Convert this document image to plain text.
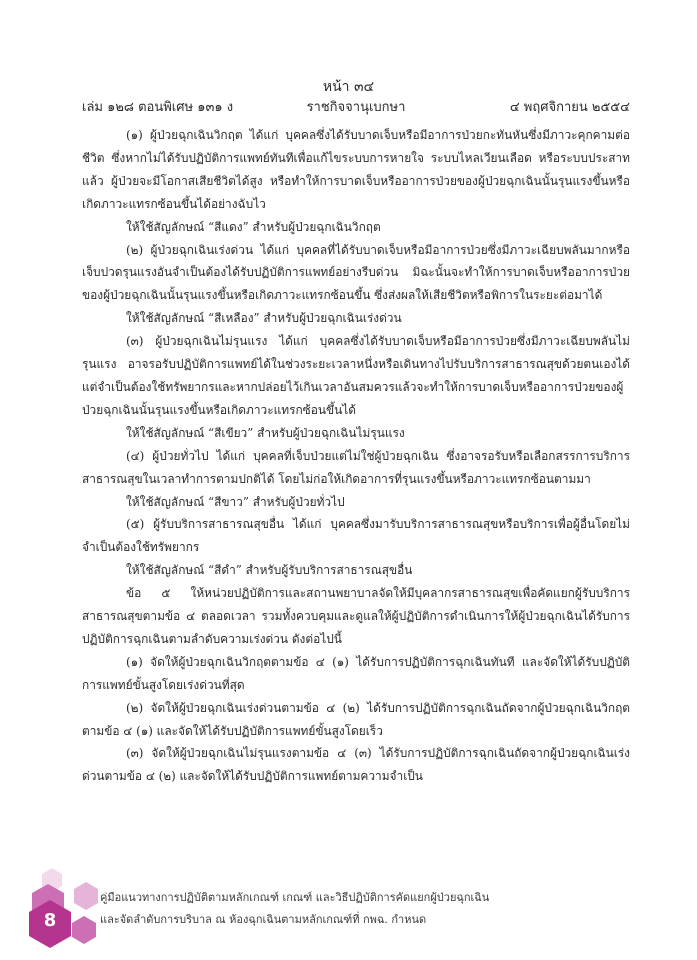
หน้า ๓๔
ราชกิจจานุเบกษา
เล่ม ๑๒๘ ตอนพิเศษ ๑๓๑ ง	๔ พฤศจิกายน ๒๕๕๔

(๑) ผู้ป่วยฉุกเฉินวิกฤต ได้แก่ บุคคลซึ่งได้รับบาดเจ็บหรือมีอาการป่วยกะทันหันซึ่งมีภาวะคุกคามต่อชีวิต ซึ่งหากไม่ได้รับปฏิบัติการแพทย์ทันทีเพื่อแก้ไขระบบการหายใจ ระบบไหลเวียนเลือด หรือระบบประสาทแล้ว ผู้ป่วยจะมีโอกาสเสียชีวิตได้สูง หรือทำให้การบาดเจ็บหรืออาการป่วยของผู้ป่วยฉุกเฉินนั้นรุนแรงขึ้นหรือเกิดภาวะแทรกซ้อนขึ้นได้อย่างฉับไว

ให้ใช้สัญลักษณ์ “สีแดง” สำหรับผู้ป่วยฉุกเฉินวิกฤต

(๒) ผู้ป่วยฉุกเฉินเร่งด่วน ได้แก่ บุคคลที่ได้รับบาดเจ็บหรือมีอาการป่วยซึ่งมีภาวะเฉียบพลันมากหรือเจ็บปวดรุนแรงอันจำเป็นต้องได้รับปฏิบัติการแพทย์อย่างรีบด่วน มิฉะนั้นจะทำให้การบาดเจ็บหรืออาการป่วยของผู้ป่วยฉุกเฉินนั้นรุนแรงขึ้นหรือเกิดภาวะแทรกซ้อนขึ้น ซึ่งส่งผลให้เสียชีวิตหรือพิการในระยะต่อมาได้

ให้ใช้สัญลักษณ์ “สีเหลือง” สำหรับผู้ป่วยฉุกเฉินเร่งด่วน

(๓) ผู้ป่วยฉุกเฉินไม่รุนแรง ได้แก่ บุคคลซึ่งได้รับบาดเจ็บหรือมีอาการป่วยซึ่งมีภาวะเฉียบพลันไม่รุนแรง อาจรอรับปฏิบัติการแพทย์ได้ในช่วงระยะเวลาหนึ่งหรือเดินทางไปรับบริการสาธารณสุขด้วยตนเองได้ แต่จำเป็นต้องใช้ทรัพยากรและหากปล่อยไว้เกินเวลาอันสมควรแล้วจะทำให้การบาดเจ็บหรืออาการป่วยของผู้ป่วยฉุกเฉินนั้นรุนแรงขึ้นหรือเกิดภาวะแทรกซ้อนขึ้นได้

ให้ใช้สัญลักษณ์ “สีเขียว” สำหรับผู้ป่วยฉุกเฉินไม่รุนแรง

(๔) ผู้ป่วยทั่วไป ได้แก่ บุคคลที่เจ็บป่วยแต่ไม่ใช่ผู้ป่วยฉุกเฉิน ซึ่งอาจรอรับหรือเลือกสรรการบริการสาธารณสุขในเวลาทำการตามปกติได้ โดยไม่ก่อให้เกิดอาการที่รุนแรงขึ้นหรือภาวะแทรกซ้อนตามมา

ให้ใช้สัญลักษณ์ “สีขาว” สำหรับผู้ป่วยทั่วไป

(๕) ผู้รับบริการสาธารณสุขอื่น ได้แก่ บุคคลซึ่งมารับบริการสาธารณสุขหรือบริการเพื่อผู้อื่นโดยไม่จำเป็นต้องใช้ทรัพยากร

ให้ใช้สัญลักษณ์ “สีดำ” สำหรับผู้รับบริการสาธารณสุขอื่น

ข้อ ๕ ให้หน่วยปฏิบัติการและสถานพยาบาลจัดให้มีบุคลากรสาธารณสุขเพื่อคัดแยกผู้รับบริการสาธารณสุขตามข้อ ๔ ตลอดเวลา รวมทั้งควบคุมและดูแลให้ผู้ปฏิบัติการดำเนินการให้ผู้ป่วยฉุกเฉินได้รับการปฏิบัติการฉุกเฉินตามลำดับความเร่งด่วน ดังต่อไปนี้

(๑) จัดให้ผู้ป่วยฉุกเฉินวิกฤตตามข้อ ๔ (๑) ได้รับการปฏิบัติการฉุกเฉินทันที และจัดให้ได้รับปฏิบัติการแพทย์ขั้นสูงโดยเร่งด่วนที่สุด

(๒) จัดให้ผู้ป่วยฉุกเฉินเร่งด่วนตามข้อ ๔ (๒) ได้รับการปฏิบัติการฉุกเฉินถัดจากผู้ป่วยฉุกเฉินวิกฤตตามข้อ ๔ (๑) และจัดให้ได้รับปฏิบัติการแพทย์ขั้นสูงโดยเร็ว

(๓) จัดให้ผู้ป่วยฉุกเฉินไม่รุนแรงตามข้อ ๔ (๓) ได้รับการปฏิบัติการฉุกเฉินถัดจากผู้ป่วยฉุกเฉินเร่งด่วนตามข้อ ๔ (๒) และจัดให้ได้รับปฏิบัติการแพทย์ตามความจำเป็น

8
คู่มือแนวทางการปฏิบัติตามหลักเกณฑ์ เกณฑ์ และวิธีปฏิบัติการคัดแยกผู้ป่วยฉุกเฉิน
และจัดลำดับการบริบาล ณ ห้องฉุกเฉินตามหลักเกณฑ์ที่ กพฉ. กำหนด
